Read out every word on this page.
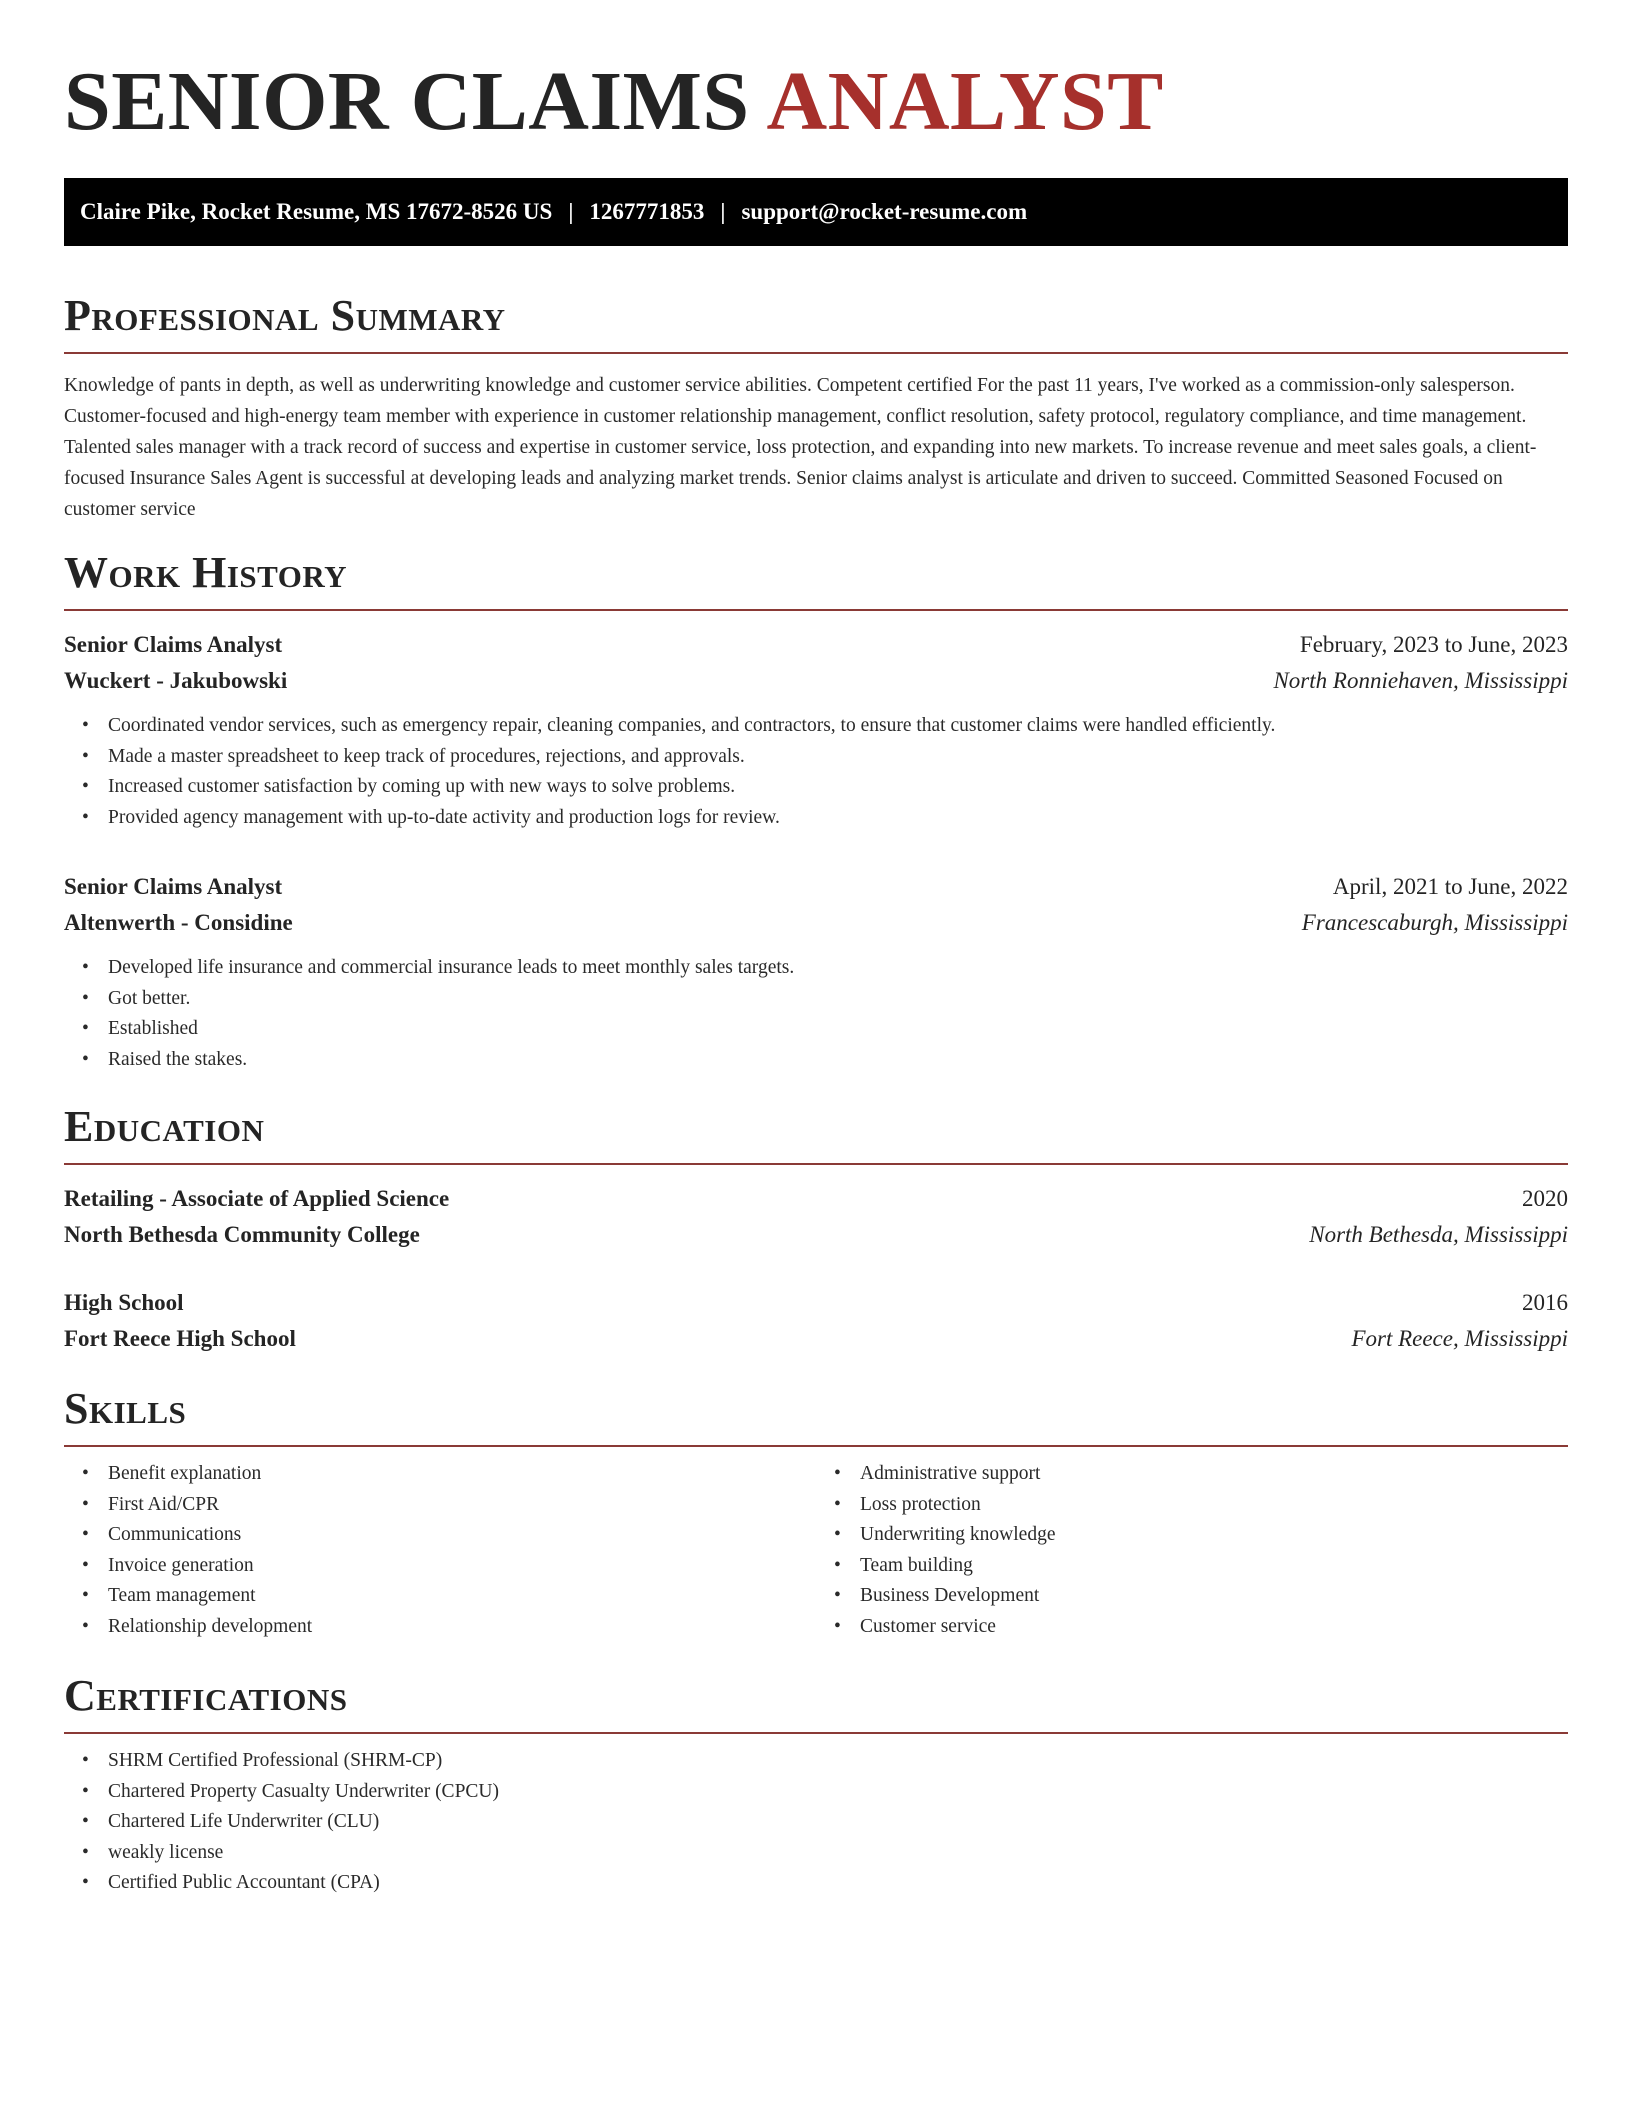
SENIOR CLAIMS ANALYST
Claire Pike, Rocket Resume, MS 17672-8526 US | 1267771853 | support@rocket-resume.com
Professional Summary

Knowledge of pants in depth, as well as underwriting knowledge and customer service abilities. Competent certified For the past 11 years, I've worked as a commission-only salesperson. Customer-focused and high-energy team member with experience in customer relationship management, conflict resolution, safety protocol, regulatory compliance, and time management. Talented sales manager with a track record of success and expertise in customer service, loss protection, and expanding into new markets. To increase revenue and meet sales goals, a client-focused Insurance Sales Agent is successful at developing leads and analyzing market trends. Senior claims analyst is articulate and driven to succeed. Committed Seasoned Focused on customer service

Work History
Senior Claims Analyst	February, 2023 to June, 2023
Wuckert - Jakubowski	North Ronniehaven, Mississippi
• Coordinated vendor services, such as emergency repair, cleaning companies, and contractors, to ensure that customer claims were handled efficiently.
• Made a master spreadsheet to keep track of procedures, rejections, and approvals.
• Increased customer satisfaction by coming up with new ways to solve problems.
• Provided agency management with up-to-date activity and production logs for review.
Senior Claims Analyst	April, 2021 to June, 2022
Altenwerth - Considine	Francescaburgh, Mississippi
• Developed life insurance and commercial insurance leads to meet monthly sales targets.
• Got better.
• Established
• Raised the stakes.
Education
Retailing - Associate of Applied Science	2020
North Bethesda Community College	North Bethesda, Mississippi
High School	2016
Fort Reece High School	Fort Reece, Mississippi
Skills
• Benefit explanation
• First Aid/CPR
• Communications
• Invoice generation
• Team management
• Relationship development
• Administrative support
• Loss protection
• Underwriting knowledge
• Team building
• Business Development
• Customer service
Certifications
• SHRM Certified Professional (SHRM-CP)
• Chartered Property Casualty Underwriter (CPCU)
• Chartered Life Underwriter (CLU)
• weakly license
• Certified Public Accountant (CPA)
